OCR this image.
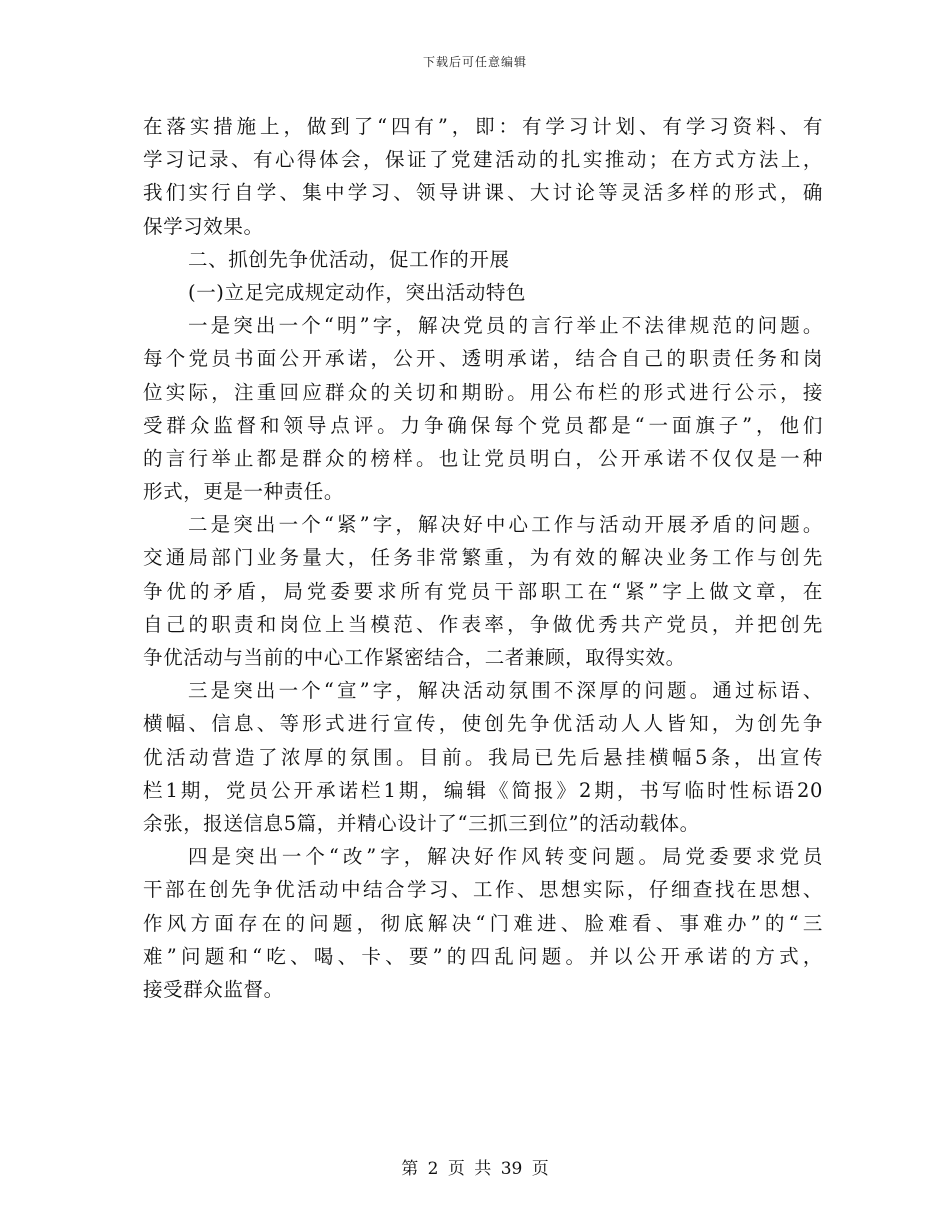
下载后可任意编辑
在落实措施上，做到了“四有”，即：有学习计划、有学习资料、有
学习记录、有心得体会，保证了党建活动的扎实推动；在方式方法上，
我们实行自学、集中学习、领导讲课、大讨论等灵活多样的形式，确
保学习效果。
二、抓创先争优活动，促工作的开展
(一)立足完成规定动作，突出活动特色
一是突出一个“明”字，解决党员的言行举止不法律规范的问题。
每个党员书面公开承诺，公开、透明承诺，结合自己的职责任务和岗
位实际，注重回应群众的关切和期盼。用公布栏的形式进行公示，接
受群众监督和领导点评。力争确保每个党员都是“一面旗子”，他们
的言行举止都是群众的榜样。也让党员明白，公开承诺不仅仅是一种
形式，更是一种责任。
二是突出一个“紧”字，解决好中心工作与活动开展矛盾的问题。
交通局部门业务量大，任务非常繁重，为有效的解决业务工作与创先
争优的矛盾，局党委要求所有党员干部职工在“紧”字上做文章，在
自己的职责和岗位上当模范、作表率，争做优秀共产党员，并把创先
争优活动与当前的中心工作紧密结合，二者兼顾，取得实效。
三是突出一个“宣”字，解决活动氛围不深厚的问题。通过标语、
横幅、信息、等形式进行宣传，使创先争优活动人人皆知，为创先争
优活动营造了浓厚的氛围。目前。我局已先后悬挂横幅5条，出宣传
栏1期，党员公开承诺栏1期，编辑《简报》2期，书写临时性标语20
余张，报送信息5篇，并精心设计了“三抓三到位”的活动载体。
四是突出一个“改”字，解决好作风转变问题。局党委要求党员
干部在创先争优活动中结合学习、工作、思想实际，仔细查找在思想、
作风方面存在的问题，彻底解决“门难进、脸难看、事难办”的“三
难”问题和“吃、喝、卡、要”的四乱问题。并以公开承诺的方式，
接受群众监督。
第 2 页 共 39 页
